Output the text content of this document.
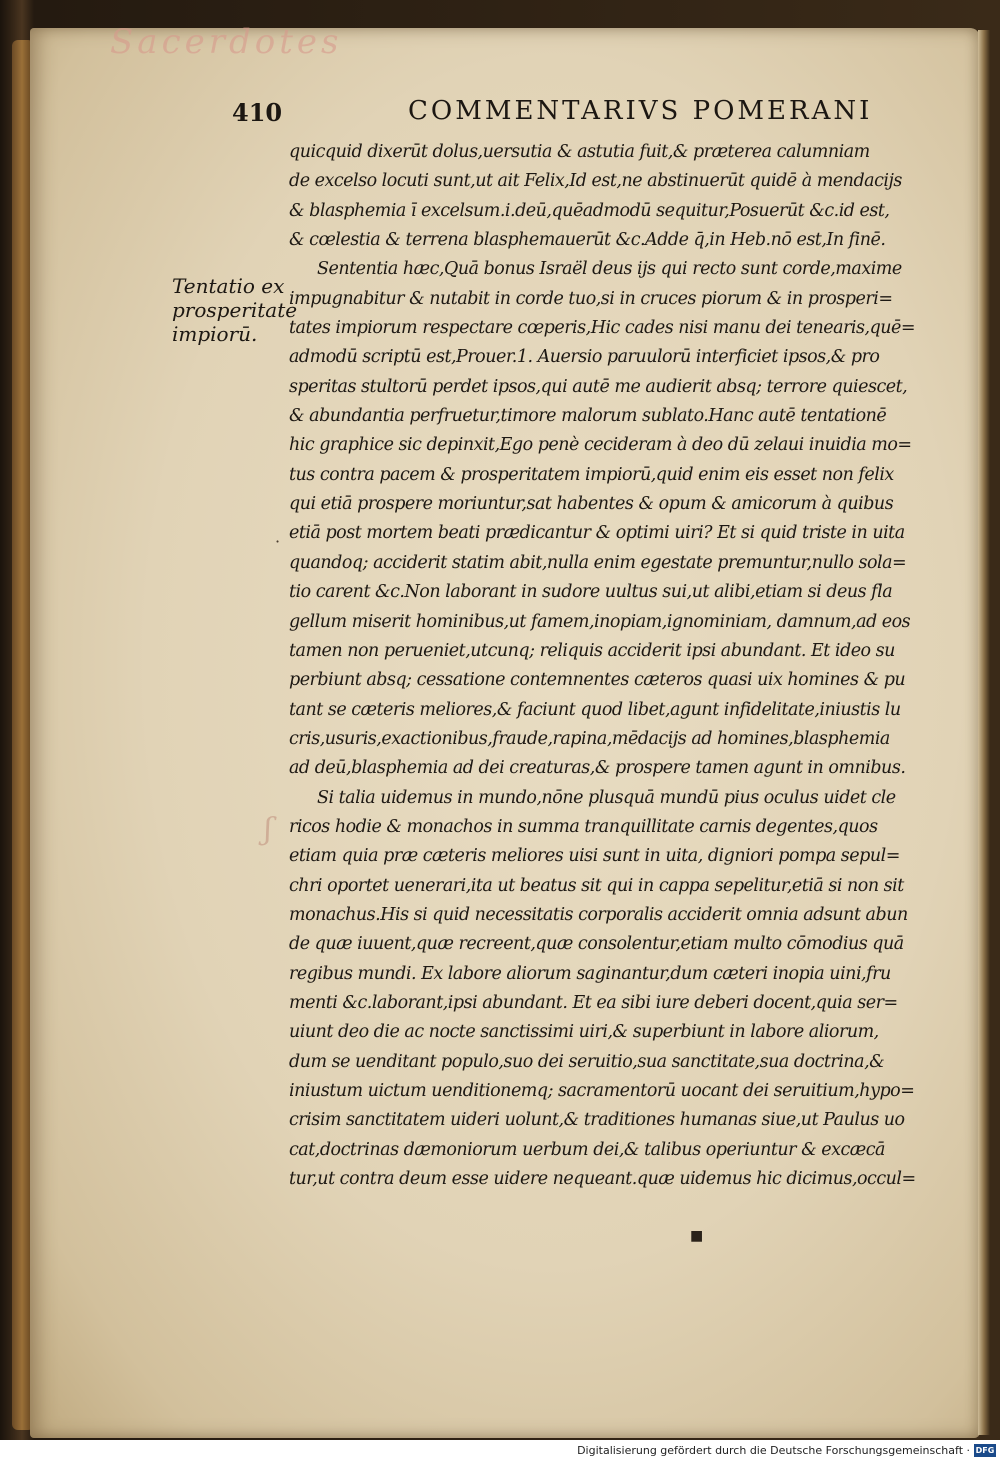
Sacerdotes
410	COMMENTARIVS POMERANI
Tentatio ex
prosperitate
impiorū.
ʃ
·
■
quicquid dixerūt dolus,uersutia & astutia fuit,& prӕterea calumniam
de excelso locuti sunt,ut ait Felix,Id est,ne abstinuerūt quidē à mendacijs
& blasphemia ī excelsum.i.deū,quēadmodū sequitur,Posuerūt &c.id est,
& cœlestia & terrena blasphemauerūt &c.Adde q̄,in Heb.nō est,In finē.
Sententia hӕc,Quā bonus Israël deus ijs qui recto sunt corde,maxime
impugnabitur & nutabit in corde tuo,si in cruces piorum & in prosperi=
tates impiorum respectare cœperis,Hic cades nisi manu dei tenearis,quē=
admodū scriptū est,Prouer.1. Auersio paruulorū interficiet ipsos,& pro
speritas stultorū perdet ipsos,qui autē me audierit absq; terrore quiescet,
& abundantia perfruetur,timore malorum sublato.Hanc autē tentationē
hic graphice sic depinxit,Ego penè cecideram à deo dū zelaui inuidia mo=
tus contra pacem & prosperitatem impiorū,quid enim eis esset non felix
qui etiā prospere moriuntur,sat habentes & opum & amicorum à quibus
etiā post mortem beati prӕdicantur & optimi uiri? Et si quid triste in uita
quandoq; acciderit statim abit,nulla enim egestate premuntur,nullo sola=
tio carent &c.Non laborant in sudore uultus sui,ut alibi,etiam si deus fla
gellum miserit hominibus,ut famem,inopiam,ignominiam, damnum,ad eos
tamen non perueniet,utcunq; reliquis acciderit ipsi abundant. Et ideo su
perbiunt absq; cessatione contemnentes cӕteros quasi uix homines & pu
tant se cӕteris meliores,& faciunt quod libet,agunt infidelitate,iniustis lu
cris,usuris,exactionibus,fraude,rapina,mēdacijs ad homines,blasphemia
ad deū,blasphemia ad dei creaturas,& prospere tamen agunt in omnibus.
Si talia uidemus in mundo,nōne plusquā mundū pius oculus uidet cle
ricos hodie & monachos in summa tranquillitate carnis degentes,quos
etiam quia prӕ cӕteris meliores uisi sunt in uita, digniori pompa sepul=
chri oportet uenerari,ita ut beatus sit qui in cappa sepelitur,etiā si non sit
monachus.His si quid necessitatis corporalis acciderit omnia adsunt abun
de quӕ iuuent,quӕ recreent,quӕ consolentur,etiam multo cōmodius quā
regibus mundi. Ex labore aliorum saginantur,dum cӕteri inopia uini,fru
menti &c.laborant,ipsi abundant. Et ea sibi iure deberi docent,quia ser=
uiunt deo die ac nocte sanctissimi uiri,& superbiunt in labore aliorum,
dum se uenditant populo,suo dei seruitio,sua sanctitate,sua doctrina,&
iniustum uictum uenditionemq; sacramentorū uocant dei seruitium,hypo=
crisim sanctitatem uideri uolunt,& traditiones humanas siue,ut Paulus uo
cat,doctrinas dӕmoniorum uerbum dei,& talibus operiuntur & excӕcā
tur,ut contra deum esse uidere nequeant.quӕ uidemus hic dicimus,occul=
Digitalisierung gefördert durch die Deutsche Forschungsgemeinschaft · DFG
